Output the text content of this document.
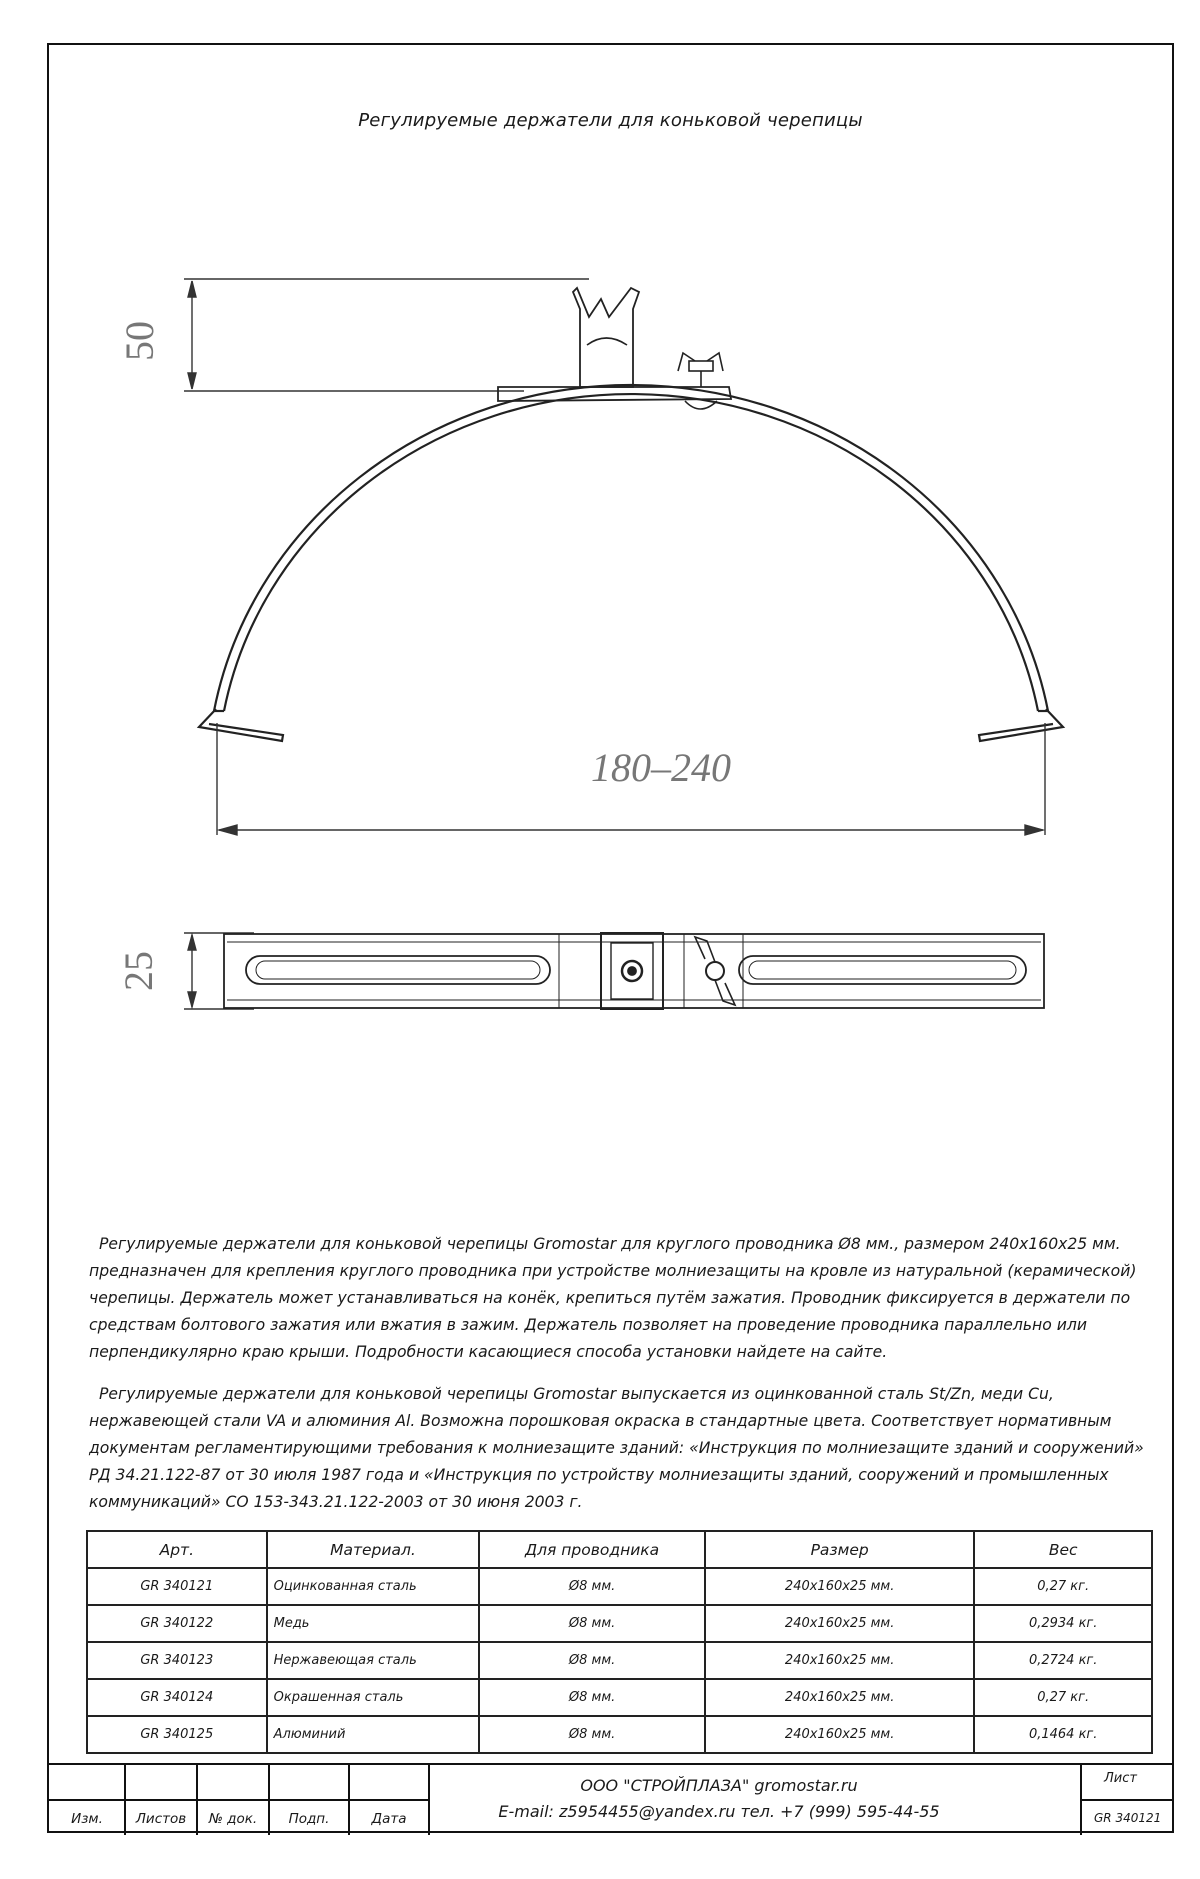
Регулируемые держатели для коньковой черепицы
50
180–240
25
Регулируемые держатели для коньковой черепицы Gromostar для круглого проводника Ø8 мм., размером 240х160х25 мм. предназначен для крепления круглого проводника при устройстве молниезащиты на кровле из натуральной (керамической) черепицы. Держатель может устанавливаться на конёк, крепиться путём зажатия. Проводник фиксируется в держатели по средствам болтового зажатия или вжатия в зажим. Держатель позволяет на проведение проводника параллельно или перпендикулярно краю крыши. Подробности касающиеся способа установки найдете на сайте.
Регулируемые держатели для коньковой черепицы Gromostar выпускается из оцинкованной сталь St/Zn, меди Cu, нержавеющей стали VA и алюминия Al. Возможна порошковая окраска в стандартные цвета. Соответствует нормативным документам регламентирующими требования к молниезащите зданий: «Инструкция по молниезащите зданий и сооружений» РД 34.21.122-87 от 30 июля 1987 года и «Инструкция по устройству молниезащиты зданий, сооружений и промышленных коммуникаций» СО 153-343.21.122-2003 от 30 июня 2003 г.
Арт.	Материал.	Для проводника	Размер	Вес
GR 340121	Оцинкованная сталь	Ø8 мм.	240х160х25 мм.	0,27 кг.
GR 340122	Медь	Ø8 мм.	240х160х25 мм.	0,2934 кг.
GR 340123	Нержавеющая сталь	Ø8 мм.	240х160х25 мм.	0,2724 кг.
GR 340124	Окрашенная сталь	Ø8 мм.	240х160х25 мм.	0,27 кг.
GR 340125	Алюминий	Ø8 мм.	240х160х25 мм.	0,1464 кг.
Изм.	Листов	№ док.	Подп.	Дата
ООО "СТРОЙПЛАЗА" gromostar.ru
E-mail: z5954455@yandex.ru тел. +7 (999) 595-44-55
Лист
GR 340121
